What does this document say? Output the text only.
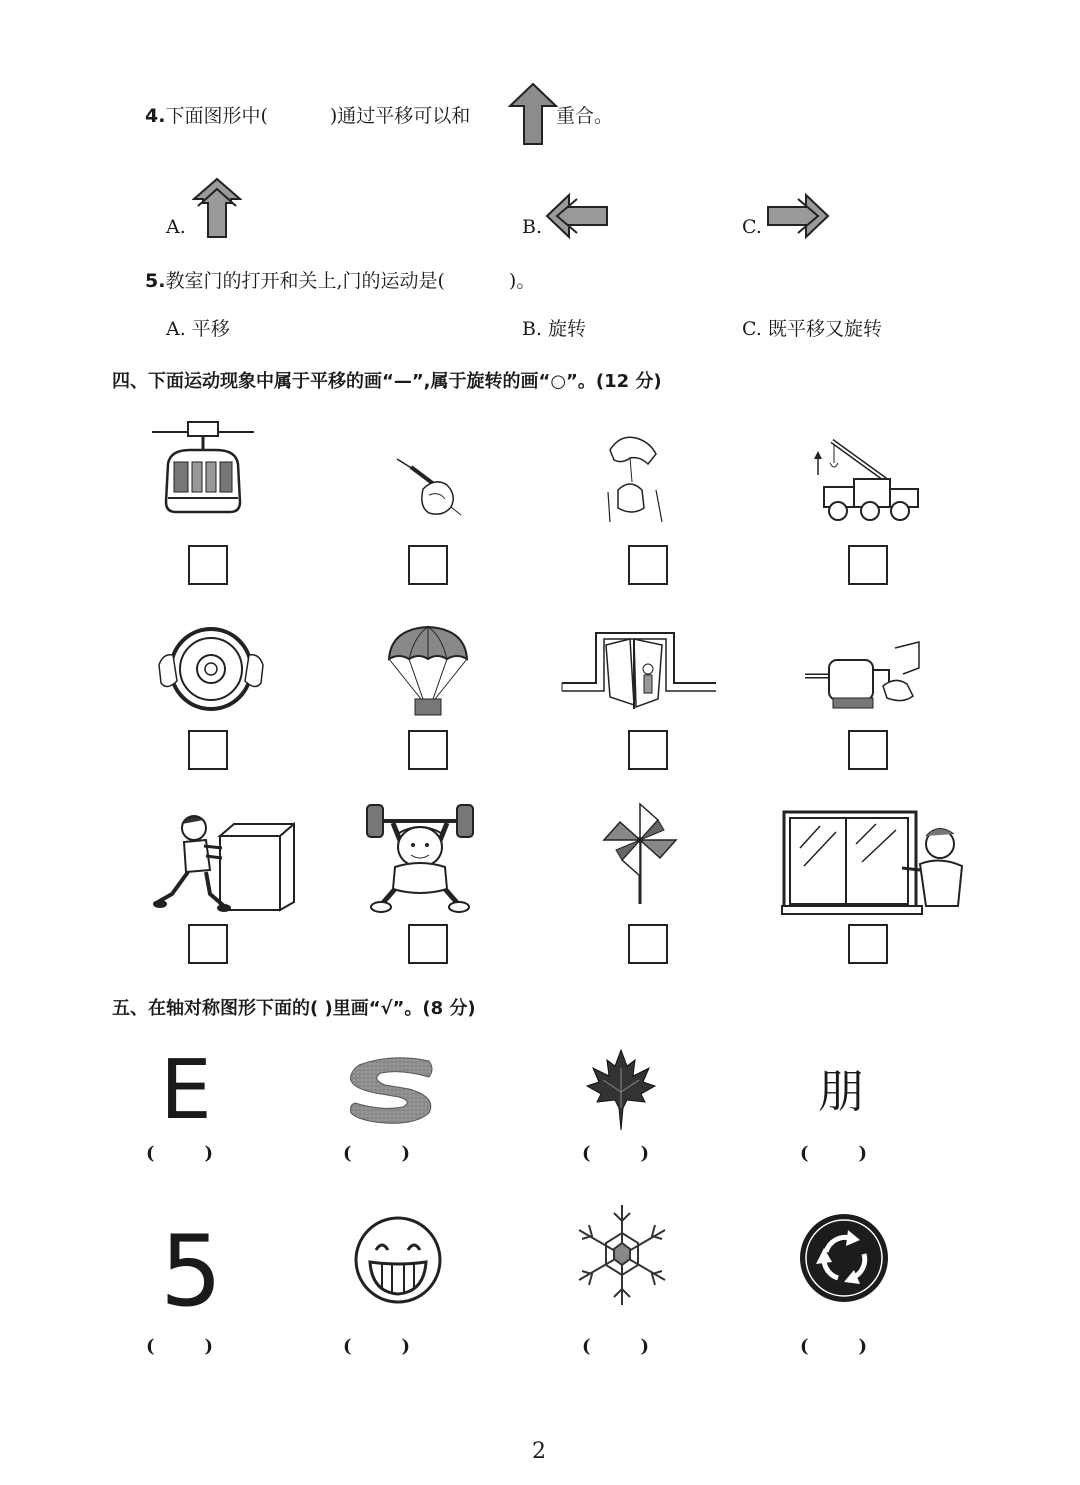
4.下面图形中(	)通过平移可以和	重合。
A.	B.	C.
5.教室门的打开和关上,门的运动是(	)。
A. 平移	B. 旋转	C. 既平移又旋转
四、下面运动现象中属于平移的画“—”,属于旋转的画“○”。(12 分)
五、在轴对称图形下面的( )里画“√”。(8 分)
E	朋
(	)	(	)	(	)	(	)
5
(	)	(	)	(	)	(	)
2
